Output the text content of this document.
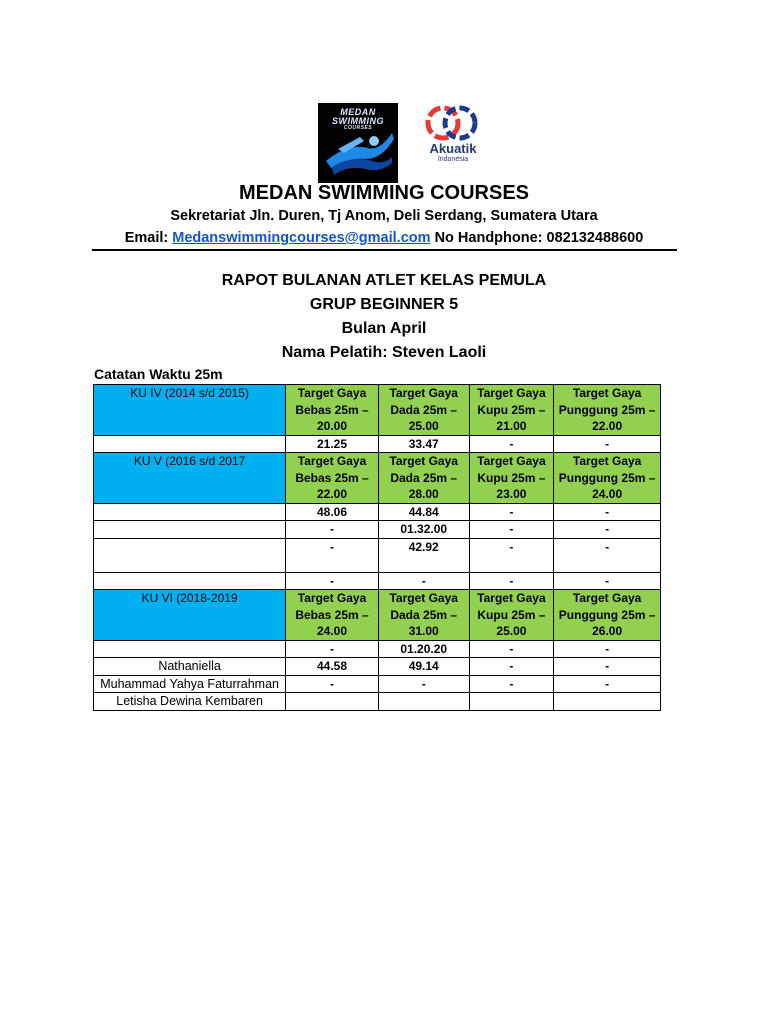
MEDAN
SWIMMING
COURSES
Akuatik
Indonesia
MEDAN SWIMMING COURSES
Sekretariat Jln. Duren, Tj Anom, Deli Serdang, Sumatera Utara
Email: Medanswimmingcourses@gmail.com No Handphone: 082132488600
RAPOT BULANAN ATLET KELAS PEMULA
GRUP BEGINNER 5
Bulan April
Nama Pelatih: Steven Laoli
Catatan Waktu 25m
KU IV (2014 s/d 2015)	Target Gaya Bebas 25m – 20.00	Target Gaya Dada 25m – 25.00	Target Gaya Kupu 25m – 21.00	Target Gaya Punggung 25m – 22.00
	21.25	33.47	-	-
KU V (2016 s/d 2017	Target Gaya Bebas 25m – 22.00	Target Gaya Dada 25m – 28.00	Target Gaya Kupu 25m – 23.00	Target Gaya Punggung 25m – 24.00
	48.06	44.84	-	-
	-	01.32.00	-	-
	-	42.92	-	-
	-	-	-	-
KU VI (2018-2019	Target Gaya Bebas 25m – 24.00	Target Gaya Dada 25m – 31.00	Target Gaya Kupu 25m – 25.00	Target Gaya Punggung 25m – 26.00
	-	01.20.20	-	-
Nathaniella	44.58	49.14	-	-
Muhammad Yahya Faturrahman	-	-	-	-
Letisha Dewina Kembaren				
